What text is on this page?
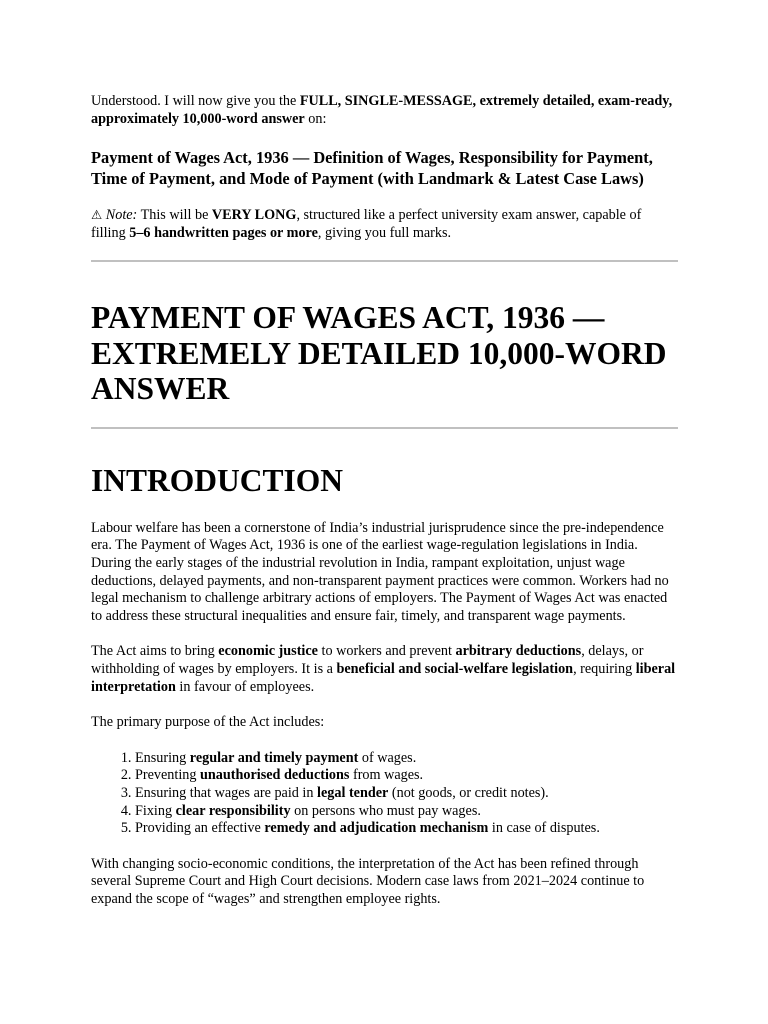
Understood. I will now give you the FULL, SINGLE-MESSAGE, extremely detailed, exam-ready, approximately 10,000-word answer on:

Payment of Wages Act, 1936 — Definition of Wages, Responsibility for Payment, Time of Payment, and Mode of Payment (with Landmark & Latest Case Laws)

⚠ Note: This will be VERY LONG, structured like a perfect university exam answer, capable of filling 5–6 handwritten pages or more, giving you full marks.

PAYMENT OF WAGES ACT, 1936 — EXTREMELY DETAILED 10,000-WORD ANSWER
INTRODUCTION

Labour welfare has been a cornerstone of India’s industrial jurisprudence since the pre-independence era. The Payment of Wages Act, 1936 is one of the earliest wage-regulation legislations in India. During the early stages of the industrial revolution in India, rampant exploitation, unjust wage deductions, delayed payments, and non-transparent payment practices were common. Workers had no legal mechanism to challenge arbitrary actions of employers. The Payment of Wages Act was enacted to address these structural inequalities and ensure fair, timely, and transparent wage payments.

The Act aims to bring economic justice to workers and prevent arbitrary deductions, delays, or withholding of wages by employers. It is a beneficial and social-welfare legislation, requiring liberal interpretation in favour of employees.

The primary purpose of the Act includes:

1. Ensuring regular and timely payment of wages.
2. Preventing unauthorised deductions from wages.
3. Ensuring that wages are paid in legal tender (not goods, or credit notes).
4. Fixing clear responsibility on persons who must pay wages.
5. Providing an effective remedy and adjudication mechanism in case of disputes.

With changing socio-economic conditions, the interpretation of the Act has been refined through several Supreme Court and High Court decisions. Modern case laws from 2021–2024 continue to expand the scope of “wages” and strengthen employee rights.
